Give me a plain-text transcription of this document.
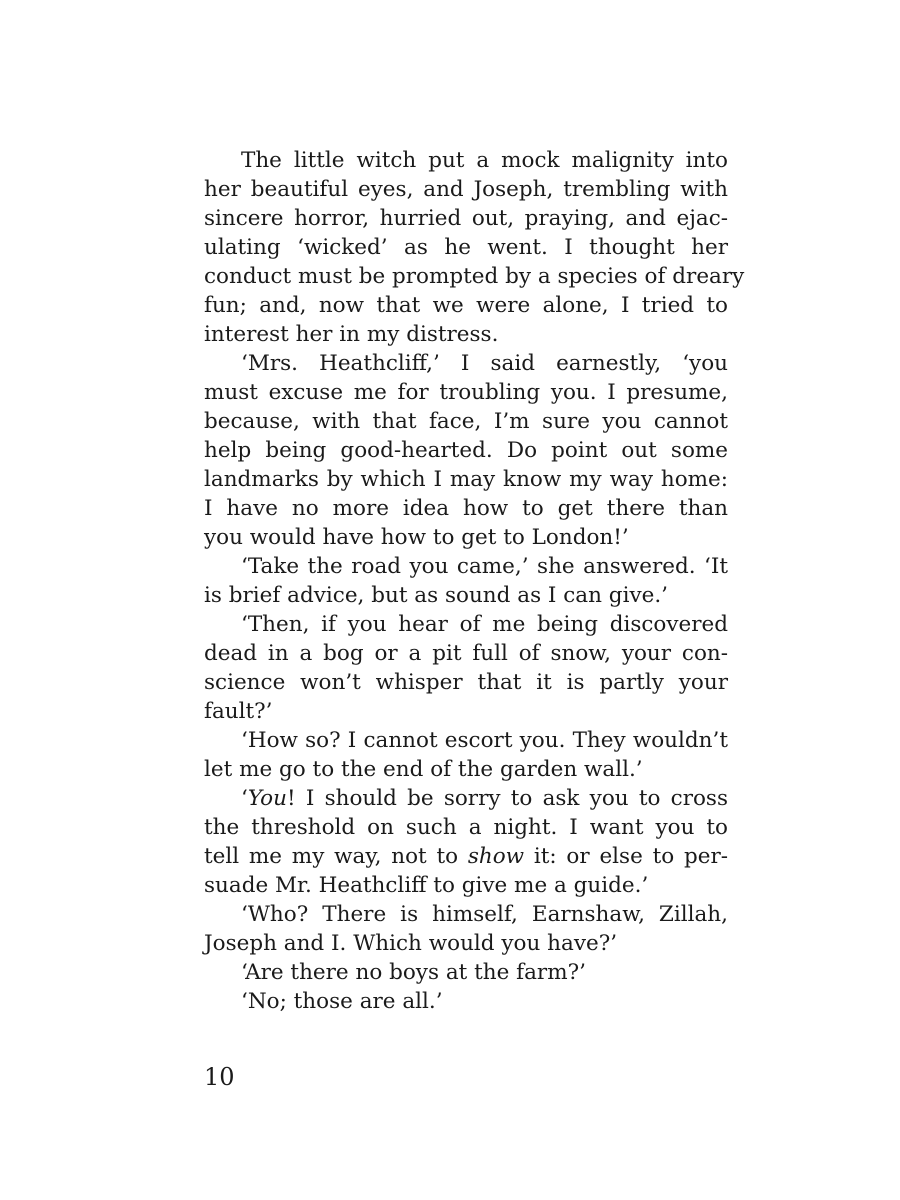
The little witch put a mock malignity into
her beautiful eyes, and Joseph, trembling with
sincere horror, hurried out, praying, and ejac-
ulating ‘wicked’ as he went. I thought her
conduct must be prompted by a species of dreary
fun; and, now that we were alone, I tried to
interest her in my distress.
‘Mrs. Heathcliff,’ I said earnestly, ‘you
must excuse me for troubling you. I presume,
because, with that face, I’m sure you cannot
help being good-hearted. Do point out some
landmarks by which I may know my way home:
I have no more idea how to get there than
you would have how to get to London!’
‘Take the road you came,’ she answered. ‘It
is brief advice, but as sound as I can give.’
‘Then, if you hear of me being discovered
dead in a bog or a pit full of snow, your con-
science won’t whisper that it is partly your
fault?’
‘How so? I cannot escort you. They wouldn’t
let me go to the end of the garden wall.’
‘You! I should be sorry to ask you to cross
the threshold on such a night. I want you to
tell me my way, not to show it: or else to per-
suade Mr. Heathcliff to give me a guide.’
‘Who? There is himself, Earnshaw, Zillah,
Joseph and I. Which would you have?’
‘Are there no boys at the farm?’
‘No; those are all.’
10
